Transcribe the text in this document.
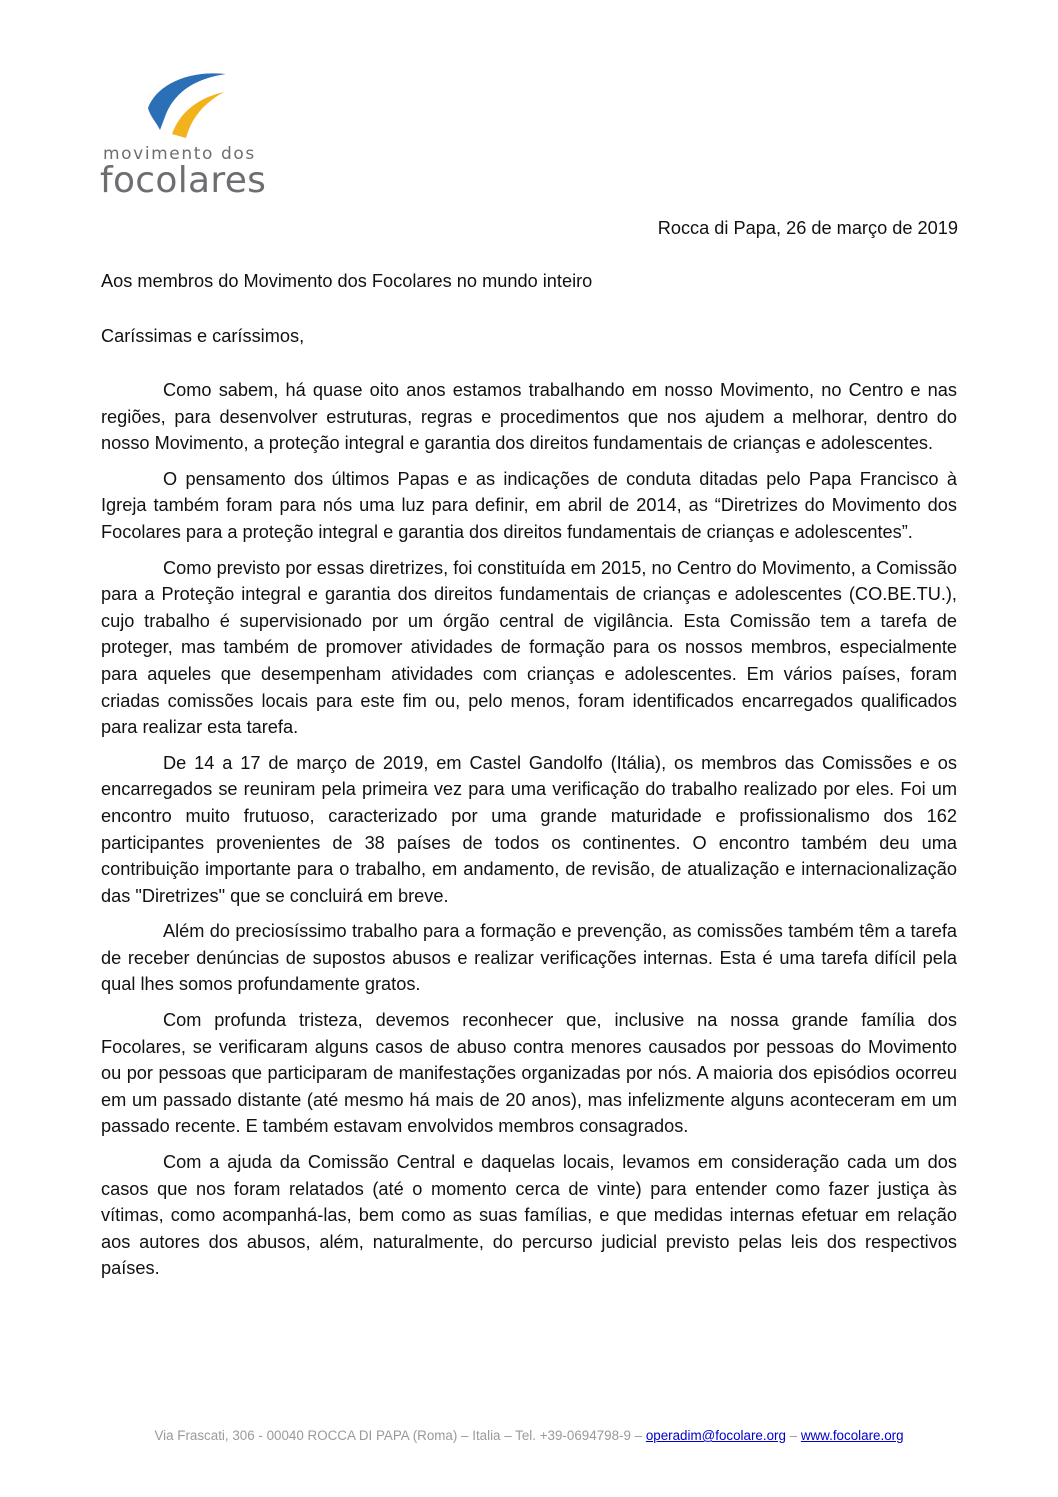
movimento dos
focolares
Rocca di Papa, 26 de março de 2019
Aos membros do Movimento dos Focolares no mundo inteiro
Caríssimas e caríssimos,

Como sabem, há quase oito anos estamos trabalhando em nosso Movimento, no Centro e nas regiões, para desenvolver estruturas, regras e procedimentos que nos ajudem a melhorar, dentro do nosso Movimento, a proteção integral e garantia dos direitos fundamentais de crianças e adolescentes.

O pensamento dos últimos Papas e as indicações de conduta ditadas pelo Papa Francisco à Igreja também foram para nós uma luz para definir, em abril de 2014, as “Diretrizes do Movimento dos Focolares para a proteção integral e garantia dos direitos fundamentais de crianças e adolescentes”.

Como previsto por essas diretrizes, foi constituída em 2015, no Centro do Movimento, a Comissão para a Proteção integral e garantia dos direitos fundamentais de crianças e adolescentes (CO.BE.TU.), cujo trabalho é supervisionado por um órgão central de vigilância. Esta Comissão tem a tarefa de proteger, mas também de promover atividades de formação para os nossos membros, especialmente para aqueles que desempenham atividades com crianças e adolescentes. Em vários países, foram criadas comissões locais para este fim ou, pelo menos, foram identificados encarregados qualificados para realizar esta tarefa.

De 14 a 17 de março de 2019, em Castel Gandolfo (Itália), os membros das Comissões e os encarregados se reuniram pela primeira vez para uma verificação do trabalho realizado por eles. Foi um encontro muito frutuoso, caracterizado por uma grande maturidade e profissionalismo dos 162 participantes provenientes de 38 países de todos os continentes. O encontro também deu uma contribuição importante para o trabalho, em andamento, de revisão, de atualização e internacionalização das "Diretrizes" que se concluirá em breve.

Além do preciosíssimo trabalho para a formação e prevenção, as comissões também têm a tarefa de receber denúncias de supostos abusos e realizar verificações internas. Esta é uma tarefa difícil pela qual lhes somos profundamente gratos.

Com profunda tristeza, devemos reconhecer que, inclusive na nossa grande família dos Focolares, se verificaram alguns casos de abuso contra menores causados por pessoas do Movimento ou por pessoas que participaram de manifestações organizadas por nós. A maioria dos episódios ocorreu em um passado distante (até mesmo há mais de 20 anos), mas infelizmente alguns aconteceram em um passado recente. E também estavam envolvidos membros consagrados.

Com a ajuda da Comissão Central e daquelas locais, levamos em consideração cada um dos casos que nos foram relatados (até o momento cerca de vinte) para entender como fazer justiça às vítimas, como acompanhá-las, bem como as suas famílias, e que medidas internas efetuar em relação aos autores dos abusos, além, naturalmente, do percurso judicial previsto pelas leis dos respectivos países.

Via Frascati, 306 - 00040 ROCCA DI PAPA (Roma) – Italia – Tel. +39-0694798-9 – operadim@focolare.org – www.focolare.org
